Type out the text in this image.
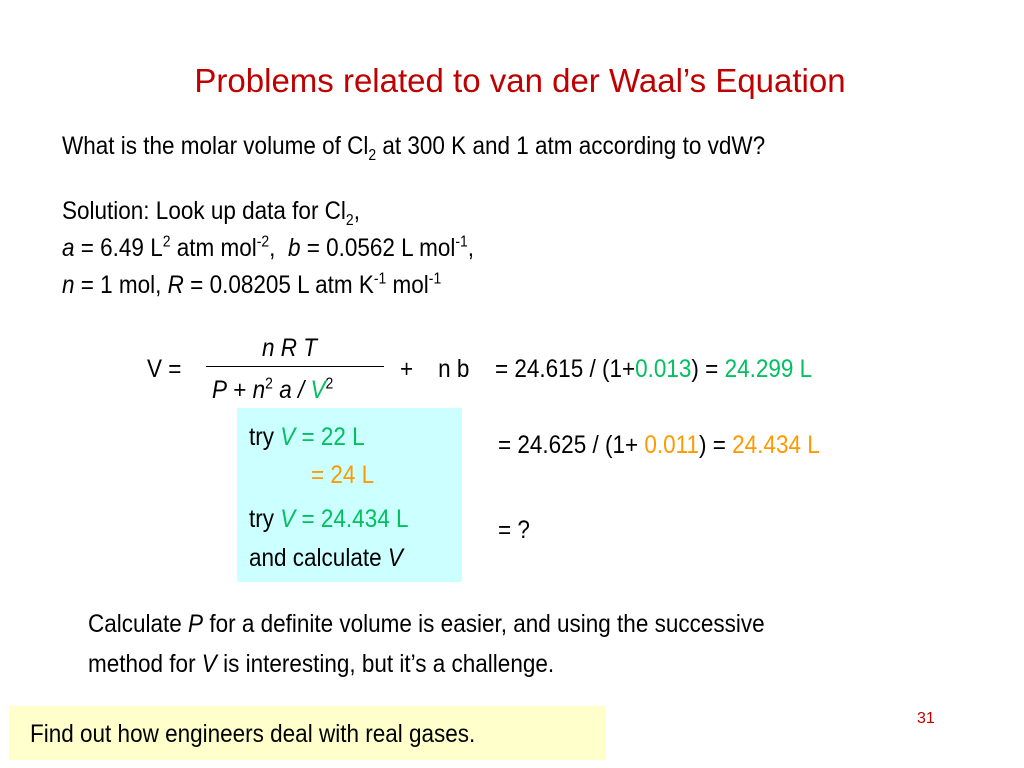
Problems related to van der Waal’s Equation
What is the molar volume of $Cl_2$ at 300 K and 1 atm according to vdW?
Solution: Look up data for $Cl_2$,
a = 6.49 $L^2$ atm mol$^{-2}$, b = 0.0562 L mol$^{-1}$,
n = 1 mol, R = 0.08205 L atm $K^{-1}$ mol$^{-1}$
V =
n R T
$P + n^2$ a / $V^2$
+    n b = 24.615 / (1+0.013) = 24.299 L
try V = 22 L
= 24 L
try V = 24.434 L
and calculate V
= 24.625 / (1+ 0.011) = 24.434 L
= ?
Calculate P for a definite volume is easier, and using the successive
method for V is interesting, but it’s a challenge.
Find out how engineers deal with real gases.
31
